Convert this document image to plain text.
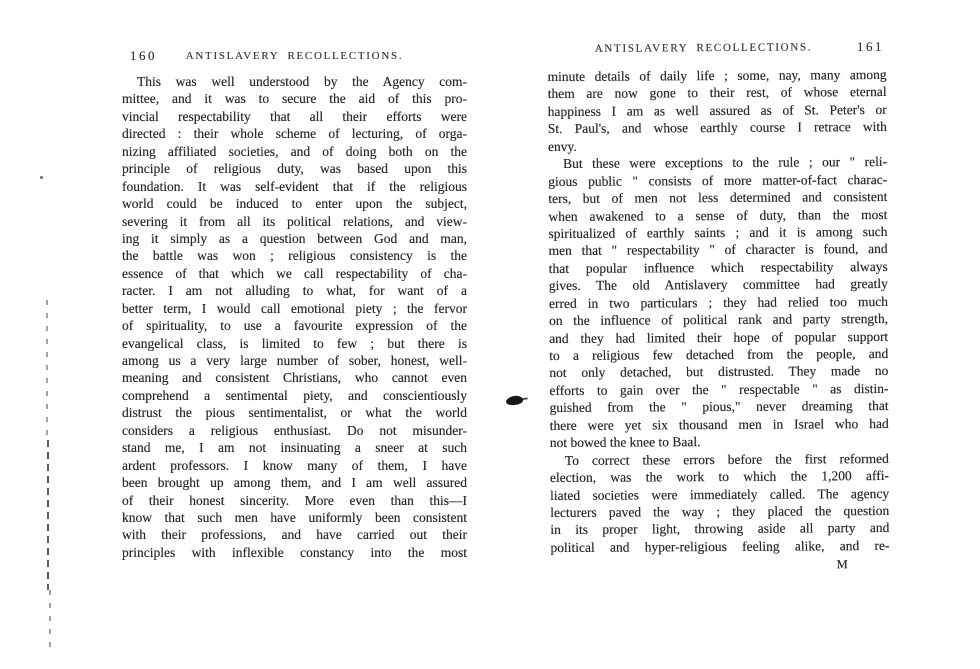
160	ANTISLAVERY RECOLLECTIONS.
This was well understood by the Agency com-
mittee, and it was to secure the aid of this pro-
vincial respectability that all their efforts were
directed : their whole scheme of lecturing, of orga-
nizing affiliated societies, and of doing both on the
principle of religious duty, was based upon this
foundation. It was self-evident that if the religious
world could be induced to enter upon the subject,
severing it from all its political relations, and view-
ing it simply as a question between God and man,
the battle was won ; religious consistency is the
essence of that which we call respectability of cha-
racter. I am not alluding to what, for want of a
better term, I would call emotional piety ; the fervor
of spirituality, to use a favourite expression of the
evangelical class, is limited to few ; but there is
among us a very large number of sober, honest, well-
meaning and consistent Christians, who cannot even
comprehend a sentimental piety, and conscientiously
distrust the pious sentimentalist, or what the world
considers a religious enthusiast. Do not misunder-
stand me, I am not insinuating a sneer at such
ardent professors. I know many of them, I have
been brought up among them, and I am well assured
of their honest sincerity. More even than this—I
know that such men have uniformly been consistent
with their professions, and have carried out their
principles with inflexible constancy into the most
ANTISLAVERY RECOLLECTIONS.	161
minute details of daily life ; some, nay, many among
them are now gone to their rest, of whose eternal
happiness I am as well assured as of St. Peter's or
St. Paul's, and whose earthly course I retrace with
envy.
But these were exceptions to the rule ; our " reli-
gious public " consists of more matter-of-fact charac-
ters, but of men not less determined and consistent
when awakened to a sense of duty, than the most
spiritualized of earthly saints ; and it is among such
men that " respectability " of character is found, and
that popular influence which respectability always
gives. The old Antislavery committee had greatly
erred in two particulars ; they had relied too much
on the influence of political rank and party strength,
and they had limited their hope of popular support
to a religious few detached from the people, and
not only detached, but distrusted. They made no
efforts to gain over the " respectable " as distin-
guished from the " pious," never dreaming that
there were yet six thousand men in Israel who had
not bowed the knee to Baal.
To correct these errors before the first reformed
election, was the work to which the 1,200 affi-
liated societies were immediately called. The agency
lecturers paved the way ; they placed the question
in its proper light, throwing aside all party and
political and hyper-religious feeling alike, and re-
M
